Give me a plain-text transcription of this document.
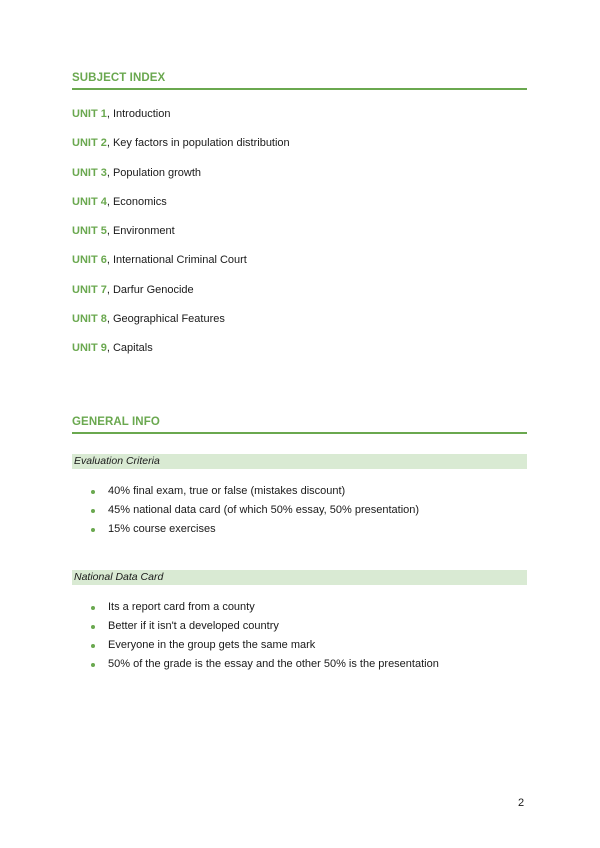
SUBJECT INDEX
UNIT 1, Introduction
UNIT 2, Key factors in population distribution
UNIT 3, Population growth
UNIT 4, Economics
UNIT 5, Environment
UNIT 6, International Criminal Court
UNIT 7, Darfur Genocide
UNIT 8, Geographical Features
UNIT 9, Capitals
GENERAL INFO
Evaluation Criteria
40% final exam, true or false (mistakes discount)
45% national data card (of which 50% essay, 50% presentation)
15% course exercises
National Data Card
Its a report card from a county
Better if it isn't a developed country
Everyone in the group gets the same mark
50% of the grade is the essay and the other 50% is the presentation
2
